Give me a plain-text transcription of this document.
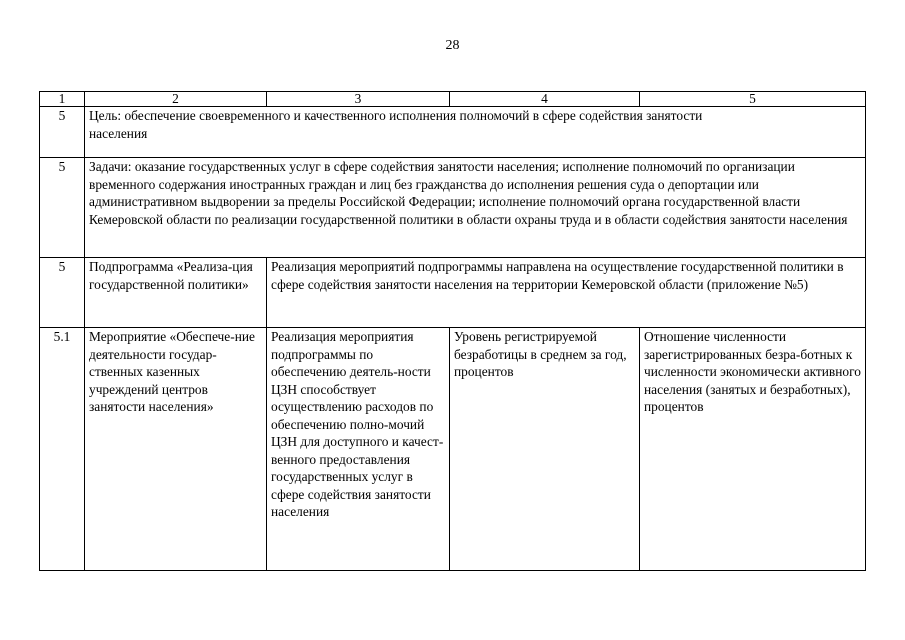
28
1	2	3	4	5
5	Цель: обеспечение своевременного и качественного исполнения полномочий в сфере содействия занятости населения			
5	Задачи: оказание государственных услуг в сфере содействия занятости населения; исполнение полномочий по организации временного содержания иностранных граждан и лиц без гражданства до исполнения решения суда о депортации или административном выдворении за пределы Российской Федерации; исполнение полномочий органа государственной власти Кемеровской области по реализации государственной политики в области охраны труда и в области содействия занятости населения			
5	Подпрограмма «Реализа-ция государственной политики»	Реализация мероприятий подпрограммы направлена на осуществление государственной политики в сфере содействия занятости населения на территории Кемеровской области (приложение №5)		
5.1	Мероприятие «Обеспече-ние деятельности государ-ственных казенных учреждений центров занятости населения»	Реализация мероприятия подпрограммы по обеспечению деятель-ности ЦЗН способствует осуществлению расходов по обеспечению полно-мочий ЦЗН для доступного и качест-венного предоставления государственных услуг в сфере содействия занятости населения	Уровень регистрируемой безработицы в среднем за год, процентов	Отношение численности зарегистрированных безра-ботных к численности экономически активного населения (занятых и безработных), процентов
